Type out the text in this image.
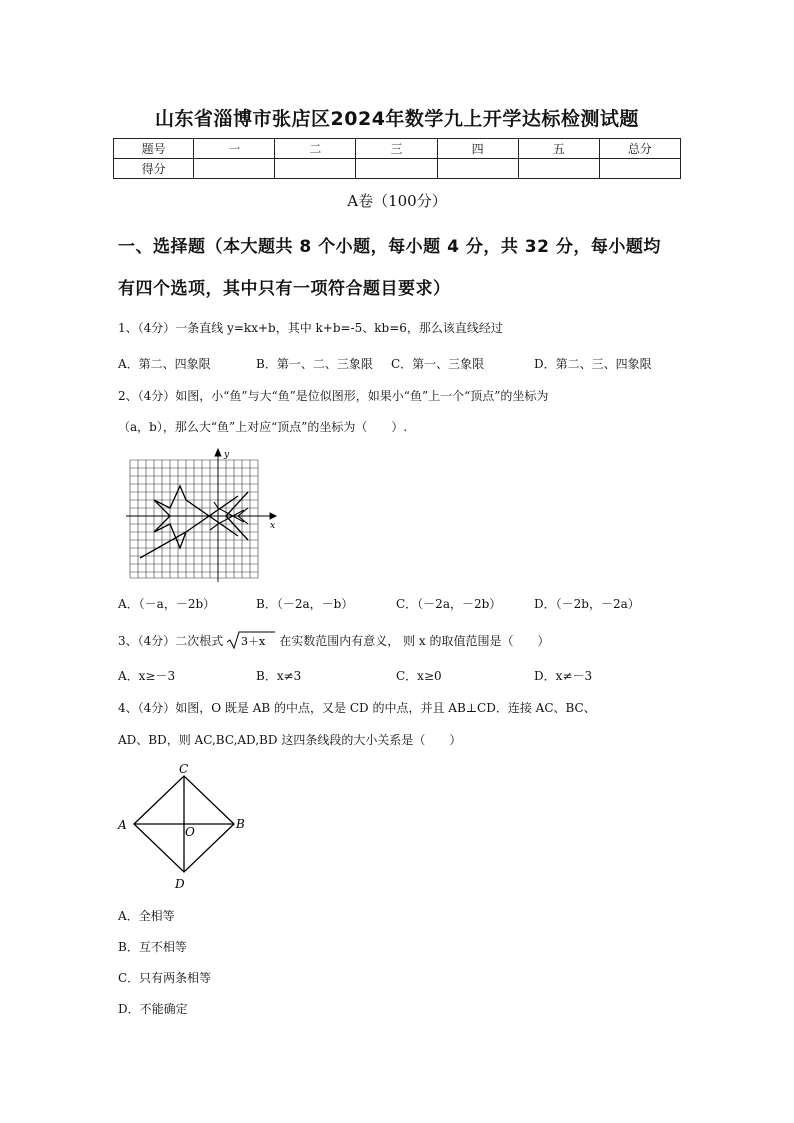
山东省淄博市张店区2024年数学九上开学达标检测试题
题号	一	二	三	四	五	总分
得分						
A卷（100分）
一、选择题（本大题共 8 个小题，每小题 4 分，共 32 分，每小题均
有四个选项，其中只有一项符合题目要求）
1、（4分）一条直线 y=kx+b，其中 k+b=-5、kb=6，那么该直线经过
A．第二、四象限	B．第一、二、三象限 C．第一、三象限	D．第二、三、四象限
2、（4分）如图，小“鱼”与大“鱼”是位似图形，如果小“鱼”上一个“顶点”的坐标为
（a，b），那么大“鱼”上对应“顶点”的坐标为（　　）.
x
y
A．（－a，－2b）	B．（－2a，－b）	C．（－2a，－2b）	D．（－2b，－2a）
3、（4分）二次根式 3＋x 在实数范围内有意义， 则 x 的取值范围是（　　）
A．x≥－3	B．x≠3	C．x≥0	D．x≠－3
4、（4分）如图，O 既是 AB 的中点，又是 CD 的中点，并且 AB⊥CD．连接 AC、BC、
AD、BD，则 AC,BC,AD,BD 这四条线段的大小关系是（　　）
C
A	B
O
D
A．全相等
B．互不相等
C．只有两条相等
D．不能确定
